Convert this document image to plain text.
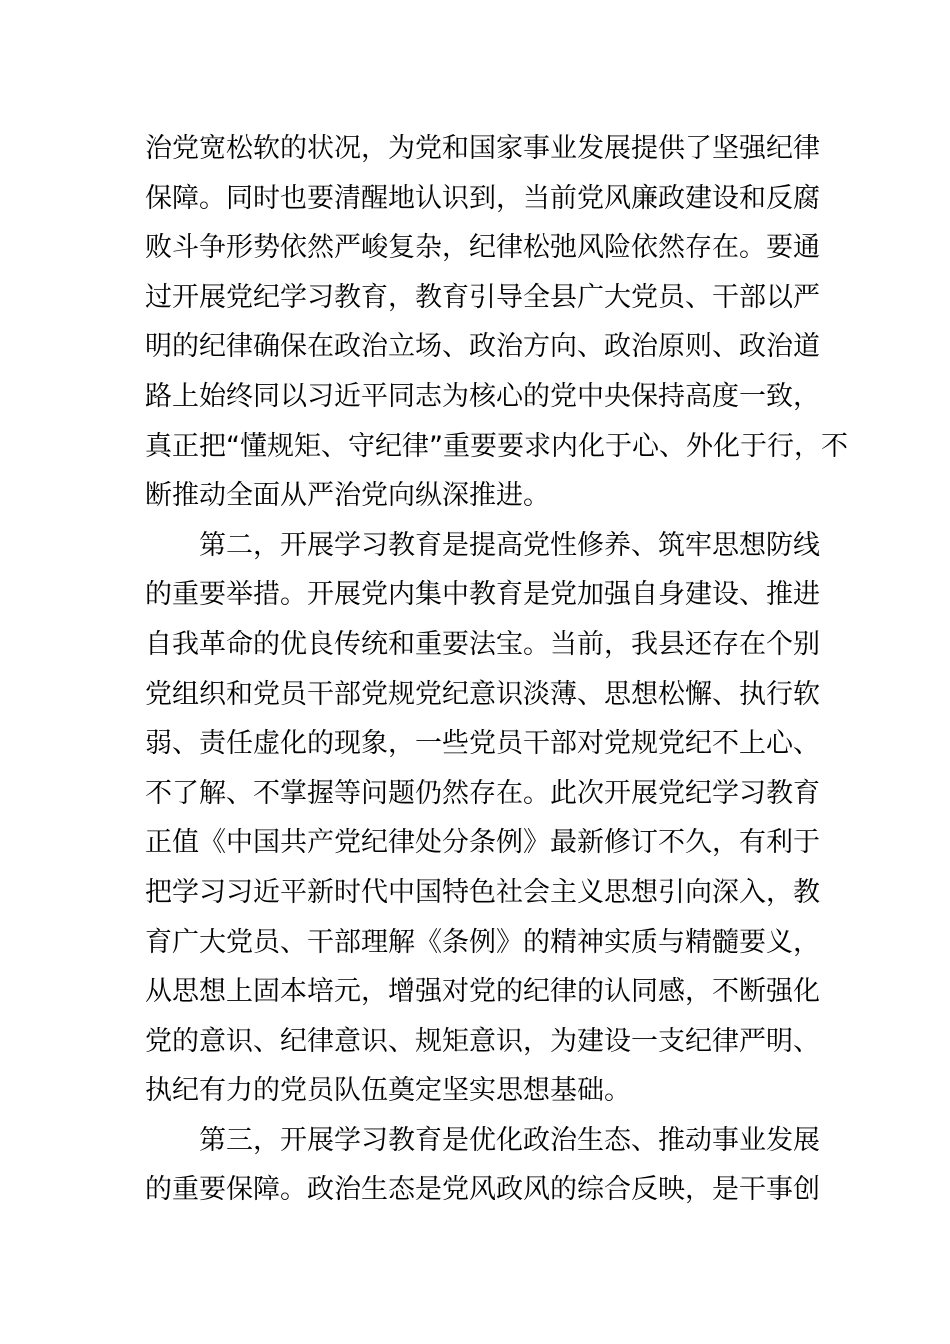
治党宽松软的状况，为党和国家事业发展提供了坚强纪律
保障。同时也要清醒地认识到，当前党风廉政建设和反腐
败斗争形势依然严峻复杂，纪律松弛风险依然存在。要通
过开展党纪学习教育，教育引导全县广大党员、干部以严
明的纪律确保在政治立场、政治方向、政治原则、政治道
路上始终同以习近平同志为核心的党中央保持高度一致，
真正把“懂规矩、守纪律”重要要求内化于心、外化于行，不
断推动全面从严治党向纵深推进。
第二，开展学习教育是提高党性修养、筑牢思想防线
的重要举措。开展党内集中教育是党加强自身建设、推进
自我革命的优良传统和重要法宝。当前，我县还存在个别
党组织和党员干部党规党纪意识淡薄、思想松懈、执行软
弱、责任虚化的现象，一些党员干部对党规党纪不上心、
不了解、不掌握等问题仍然存在。此次开展党纪学习教育
正值《中国共产党纪律处分条例》最新修订不久，有利于
把学习习近平新时代中国特色社会主义思想引向深入，教
育广大党员、干部理解《条例》的精神实质与精髓要义，
从思想上固本培元，增强对党的纪律的认同感，不断强化
党的意识、纪律意识、规矩意识，为建设一支纪律严明、
执纪有力的党员队伍奠定坚实思想基础。
第三，开展学习教育是优化政治生态、推动事业发展
的重要保障。政治生态是党风政风的综合反映，是干事创
